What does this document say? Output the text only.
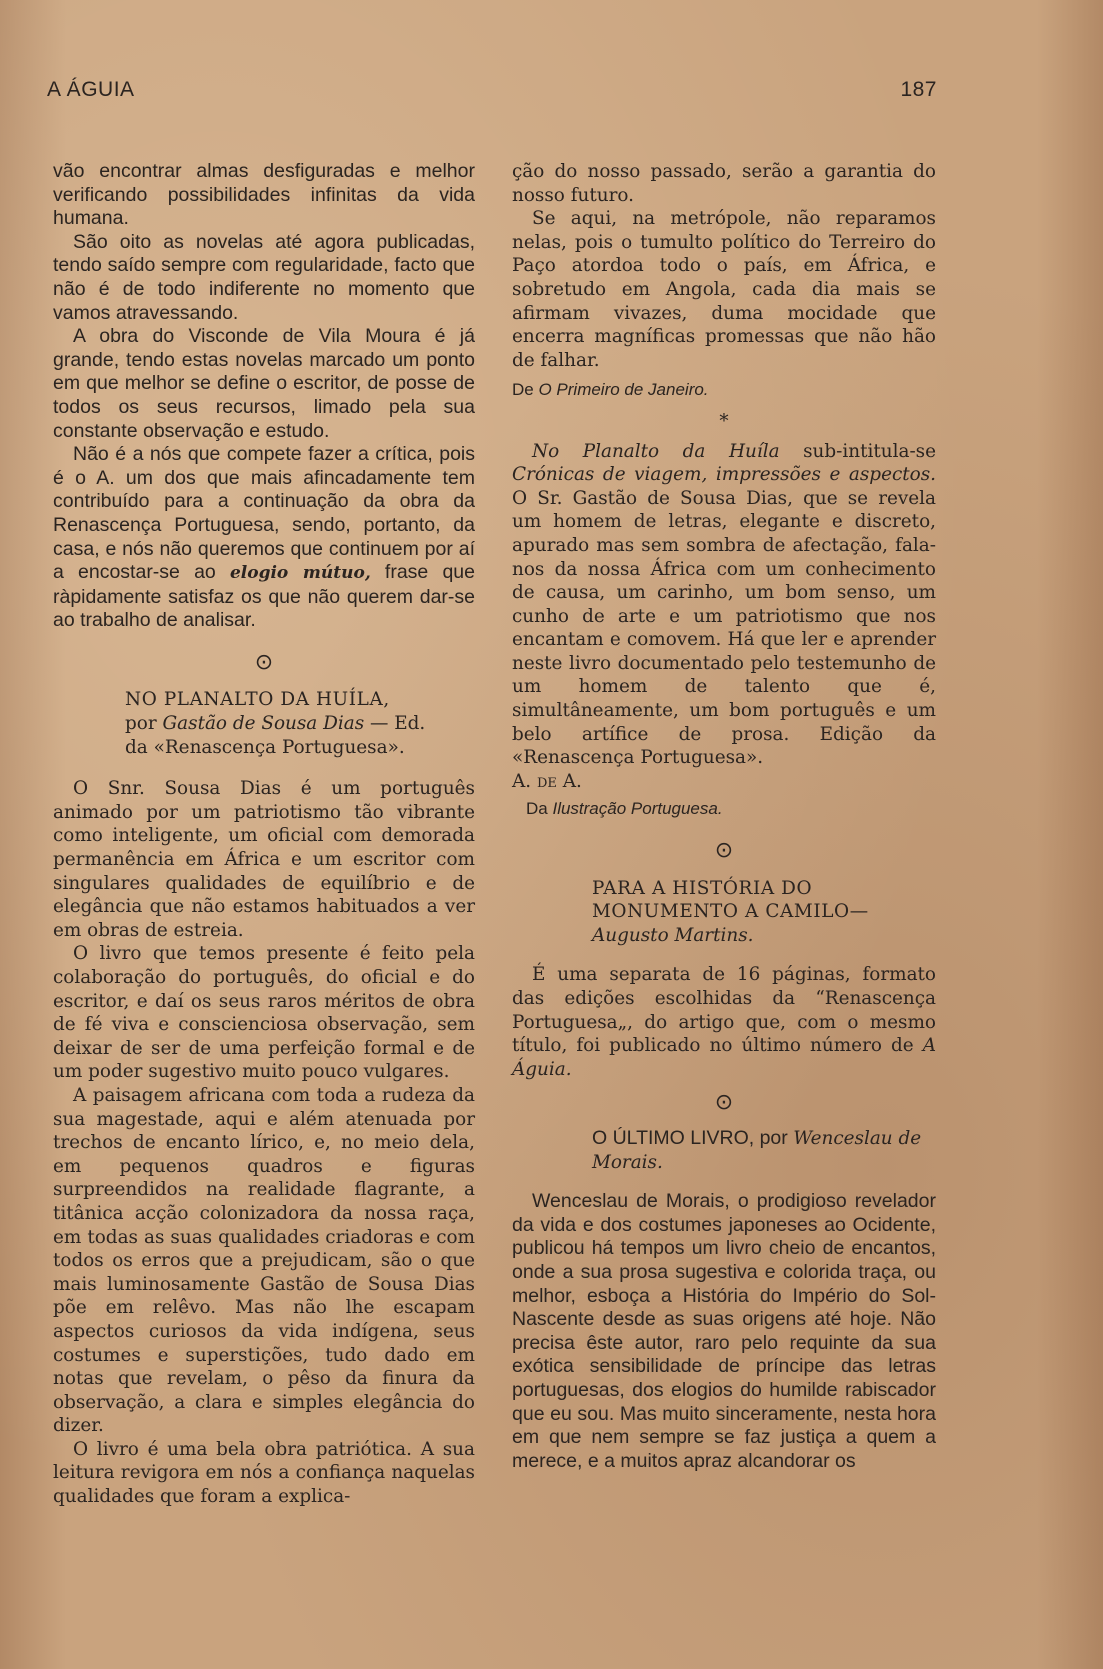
A ÁGUIA	187

vão encontrar almas desfiguradas e melhor verificando possibilidades infinitas da vida humana.

São oito as novelas até agora publicadas, tendo saído sempre com regularidade, facto que não é de todo indiferente no momento que vamos atravessando.

A obra do Visconde de Vila Moura é já grande, tendo estas novelas marcado um ponto em que melhor se define o escritor, de posse de todos os seus recursos, limado pela sua constante observação e estudo.

Não é a nós que compete fazer a crítica, pois é o A. um dos que mais afincadamente tem contribuído para a continuação da obra da Renascença Portuguesa, sendo, portanto, da casa, e nós não queremos que continuem por aí a encostar-se ao elogio mútuo, frase que ràpidamente satisfaz os que não querem dar-se ao trabalho de analisar.

⊙
NO PLANALTO DA HUÍLA,
por Gastão de Sousa Dias — Ed.
da «Renascença Portuguesa».

O Snr. Sousa Dias é um português animado por um patriotismo tão vibrante como inteligente, um oficial com demorada permanência em África e um escritor com singulares qualidades de equilíbrio e de elegância que não estamos habituados a ver em obras de estreia.

O livro que temos presente é feito pela colaboração do português, do oficial e do escritor, e daí os seus raros méritos de obra de fé viva e conscienciosa observação, sem deixar de ser de uma perfeição formal e de um poder sugestivo muito pouco vulgares.

A paisagem africana com toda a rudeza da sua magestade, aqui e além atenuada por trechos de encanto lírico, e, no meio dela, em pequenos quadros e figuras surpreendidos na realidade flagrante, a titânica acção colonizadora da nossa raça, em todas as suas qualidades criadoras e com todos os erros que a prejudicam, são o que mais luminosamente Gastão de Sousa Dias põe em relêvo. Mas não lhe escapam aspectos curiosos da vida indígena, seus costumes e superstições, tudo dado em notas que revelam, o pêso da finura da observação, a clara e simples elegância do dizer.

O livro é uma bela obra patriótica. A sua leitura revigora em nós a confiança naquelas qualidades que foram a explica-

ção do nosso passado, serão a garantia do nosso futuro.

Se aqui, na metrópole, não reparamos nelas, pois o tumulto político do Terreiro do Paço atordoa todo o país, em África, e sobretudo em Angola, cada dia mais se afirmam vivazes, duma mocidade que encerra magníficas promessas que não hão de falhar.

De O Primeiro de Janeiro.

*

No Planalto da Huíla sub-intitula-se Crónicas de viagem, impressões e aspectos. O Sr. Gastão de Sousa Dias, que se revela um homem de letras, elegante e discreto, apurado mas sem sombra de afectação, fala-nos da nossa África com um conhecimento de causa, um carinho, um bom senso, um cunho de arte e um patriotismo que nos encantam e comovem. Há que ler e aprender neste livro documentado pelo testemunho de um homem de talento que é, simultâneamente, um bom português e um belo artífice de prosa. Edição da «Renascença Portuguesa».

A. de A.

Da Ilustração Portuguesa.

⊙
PARA A HISTÓRIA DO MONUMENTO A CAMILO—Augusto Martins.

É uma separata de 16 páginas, formato das edições escolhidas da “Renascença Portuguesa„, do artigo que, com o mesmo título, foi publicado no último número de A Águia.

⊙
O ÚLTIMO LIVRO, por Wenceslau de Morais.

Wenceslau de Morais, o prodigioso revelador da vida e dos costumes japoneses ao Ocidente, publicou há tempos um livro cheio de encantos, onde a sua prosa sugestiva e colorida traça, ou melhor, esboça a História do Império do Sol-Nascente desde as suas origens até hoje. Não precisa êste autor, raro pelo requinte da sua exótica sensibilidade de príncipe das letras portuguesas, dos elogios do humilde rabiscador que eu sou. Mas muito sinceramente, nesta hora em que nem sempre se faz justiça a quem a merece, e a muitos apraz alcandorar os
